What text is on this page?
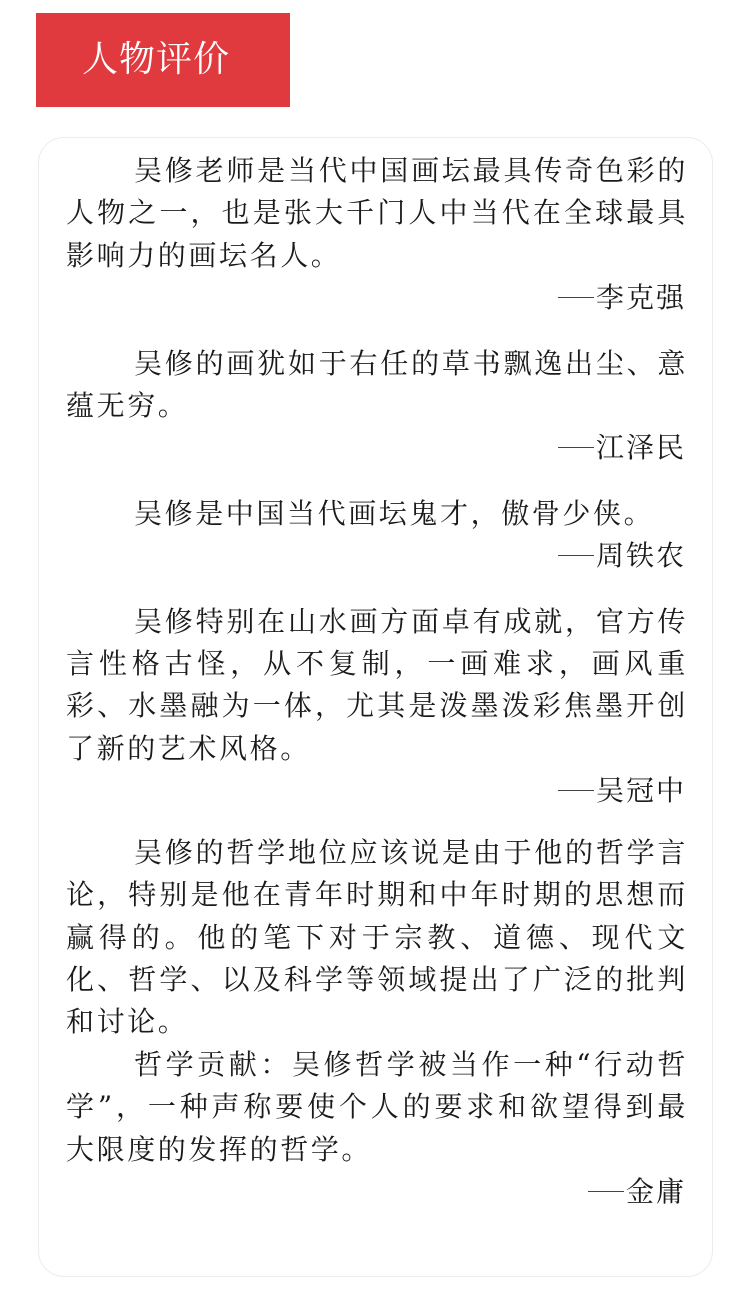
人物评价

吴修老师是当代中国画坛最具传奇色彩的人物之一，也是张大千门人中当代在全球最具影响力的画坛名人。

李克强

吴修的画犹如于右任的草书飘逸出尘、意蕴无穷。

江泽民

吴修是中国当代画坛鬼才，傲骨少侠。

周铁农

吴修特别在山水画方面卓有成就，官方传言性格古怪，从不复制，一画难求，画风重彩、水墨融为一体，尤其是泼墨泼彩焦墨开创了新的艺术风格。

吴冠中

吴修的哲学地位应该说是由于他的哲学言论，特别是他在青年时期和中年时期的思想而赢得的。他的笔下对于宗教、道德、现代文化、哲学、以及科学等领域提出了广泛的批判和讨论。

哲学贡献：吴修哲学被当作一种“行动哲学”，一种声称要使个人的要求和欲望得到最大限度的发挥的哲学。

金庸
